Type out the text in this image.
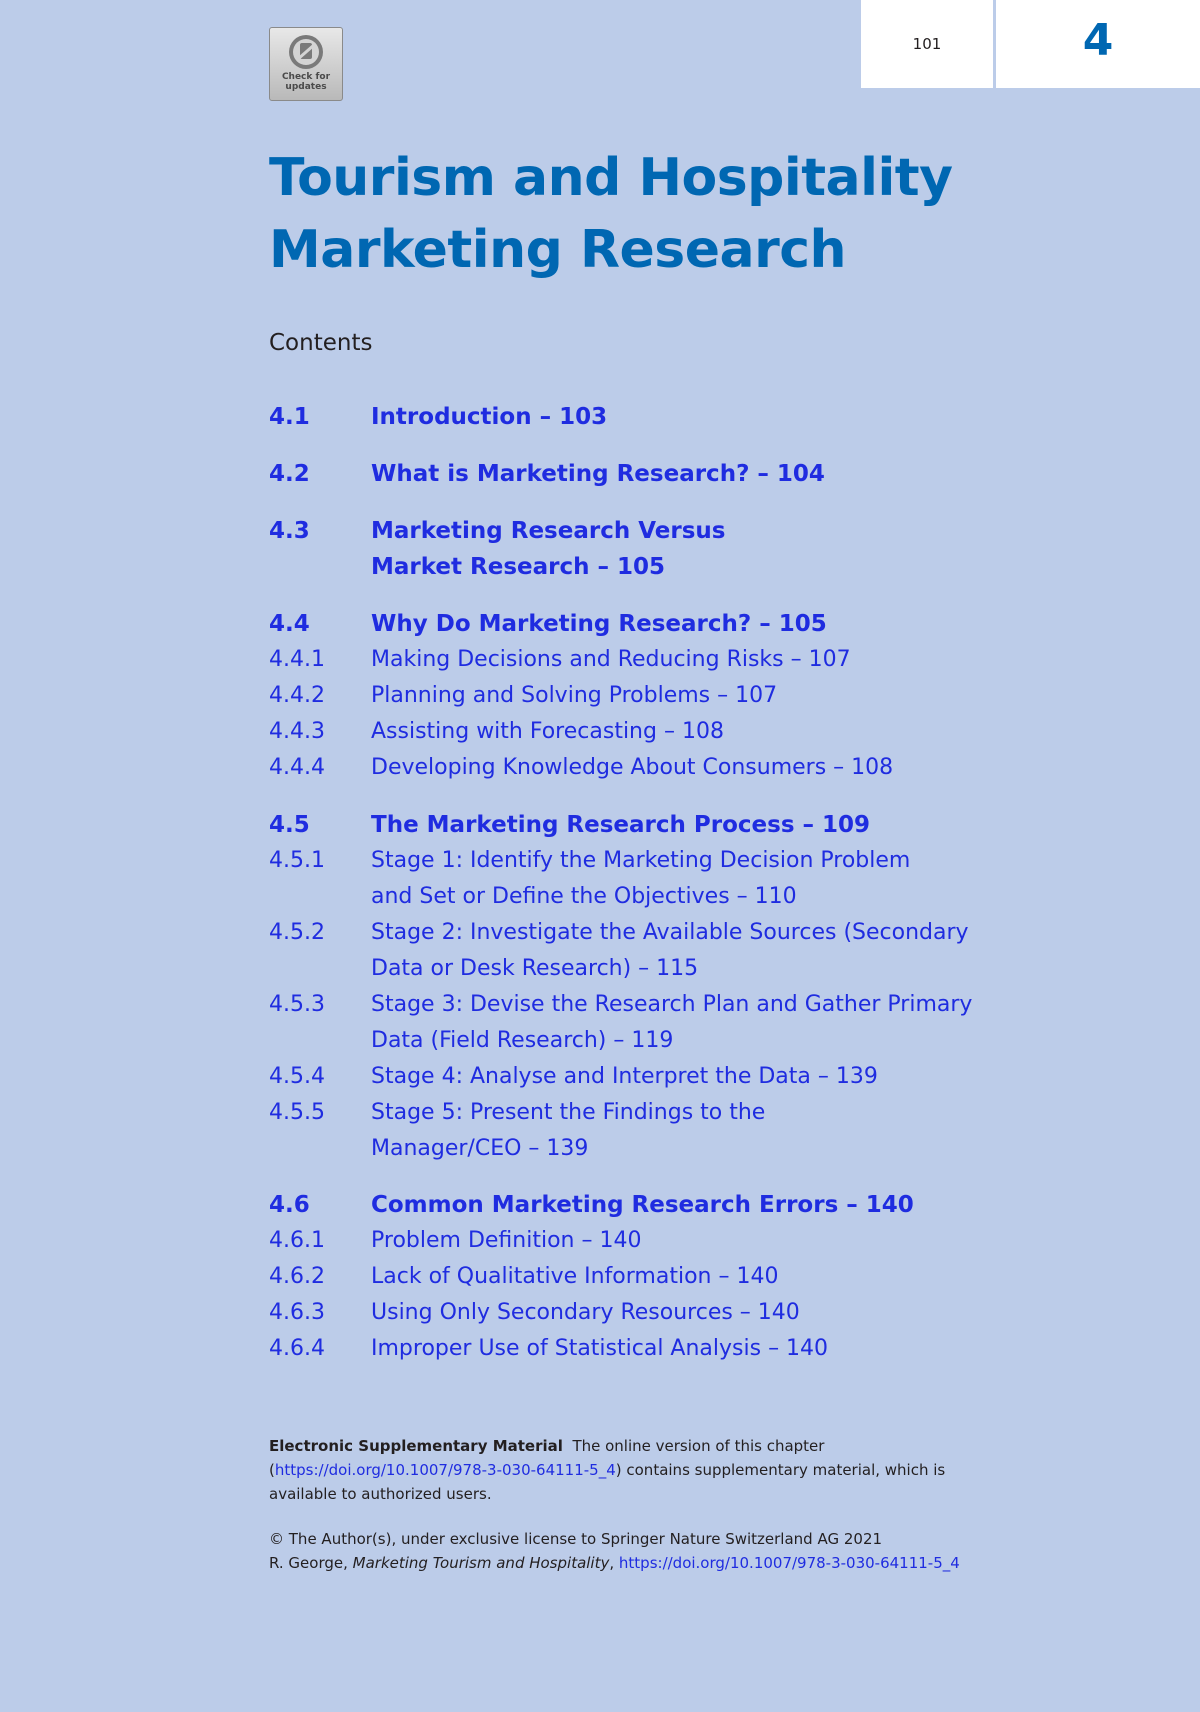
101	4
Check for
updates
Tourism and Hospitality
Marketing Research
Contents
4.1	Introduction – 103

4.2	What is Marketing Research? – 104

4.3	Marketing Research Versus
Market Research – 105

4.4	Why Do Marketing Research? – 105

4.4.1	Making Decisions and Reducing Risks – 107

4.4.2	Planning and Solving Problems – 107

4.4.3	Assisting with Forecasting – 108

4.4.4	Developing Knowledge About Consumers – 108

4.5	The Marketing Research Process – 109

4.5.1	Stage 1: Identify the Marketing Decision Problem
and Set or Define the Objectives – 110

4.5.2	Stage 2: Investigate the Available Sources (Secondary
Data or Desk Research) – 115

4.5.3	Stage 3: Devise the Research Plan and Gather Primary
Data (Field Research) – 119

4.5.4	Stage 4: Analyse and Interpret the Data – 139

4.5.5	Stage 5: Present the Findings to the
Manager/CEO – 139

4.6	Common Marketing Research Errors – 140

4.6.1	Problem Definition – 140

4.6.2	Lack of Qualitative Information – 140

4.6.3	Using Only Secondary Resources – 140

4.6.4	Improper Use of Statistical Analysis – 140

Electronic Supplementary Material The online version of this chapter (https://doi.org/10.1007/978-3-030-64111-5_4) contains supplementary material, which is available to authorized users.

© The Author(s), under exclusive license to Springer Nature Switzerland AG 2021
R. George, Marketing Tourism and Hospitality, https://doi.org/10.1007/978-3-030-64111-5_4
